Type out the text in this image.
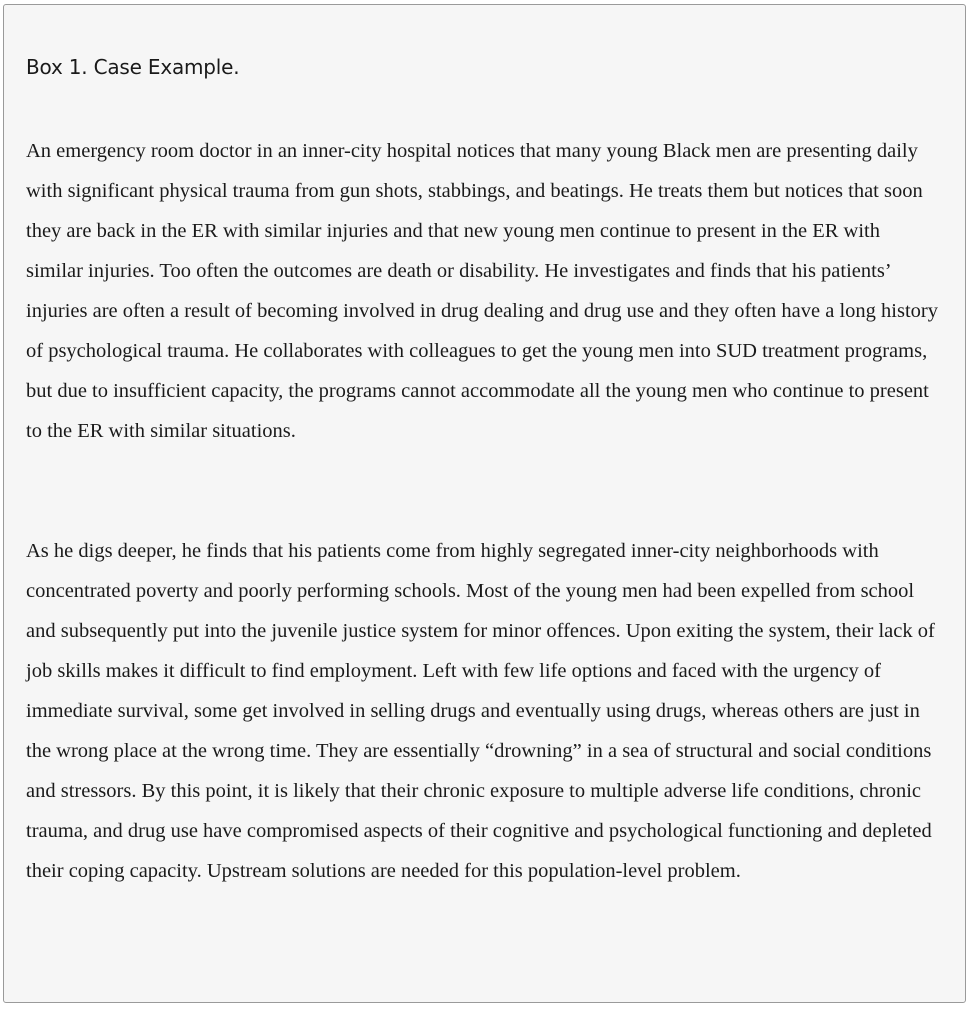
Box 1. Case Example.

An emergency room doctor in an inner-city hospital notices that many young Black men are presenting daily with significant physical trauma from gun shots, stabbings, and beatings. He treats them but notices that soon they are back in the ER with similar injuries and that new young men continue to present in the ER with similar injuries. Too often the outcomes are death or disability. He investigates and finds that his patients’ injuries are often a result of becoming involved in drug dealing and drug use and they often have a long history of psychological trauma. He collaborates with colleagues to get the young men into SUD treatment programs, but due to insufficient capacity, the programs cannot accommodate all the young men who continue to present to the ER with similar situations.

As he digs deeper, he finds that his patients come from highly segregated inner-city neighborhoods with concentrated poverty and poorly performing schools. Most of the young men had been expelled from school and subsequently put into the juvenile justice system for minor offences. Upon exiting the system, their lack of job skills makes it difficult to find employment. Left with few life options and faced with the urgency of immediate survival, some get involved in selling drugs and eventually using drugs, whereas others are just in the wrong place at the wrong time. They are essentially “drowning” in a sea of structural and social conditions and stressors. By this point, it is likely that their chronic exposure to multiple adverse life conditions, chronic trauma, and drug use have compromised aspects of their cognitive and psychological functioning and depleted their coping capacity. Upstream solutions are needed for this population-level problem.
